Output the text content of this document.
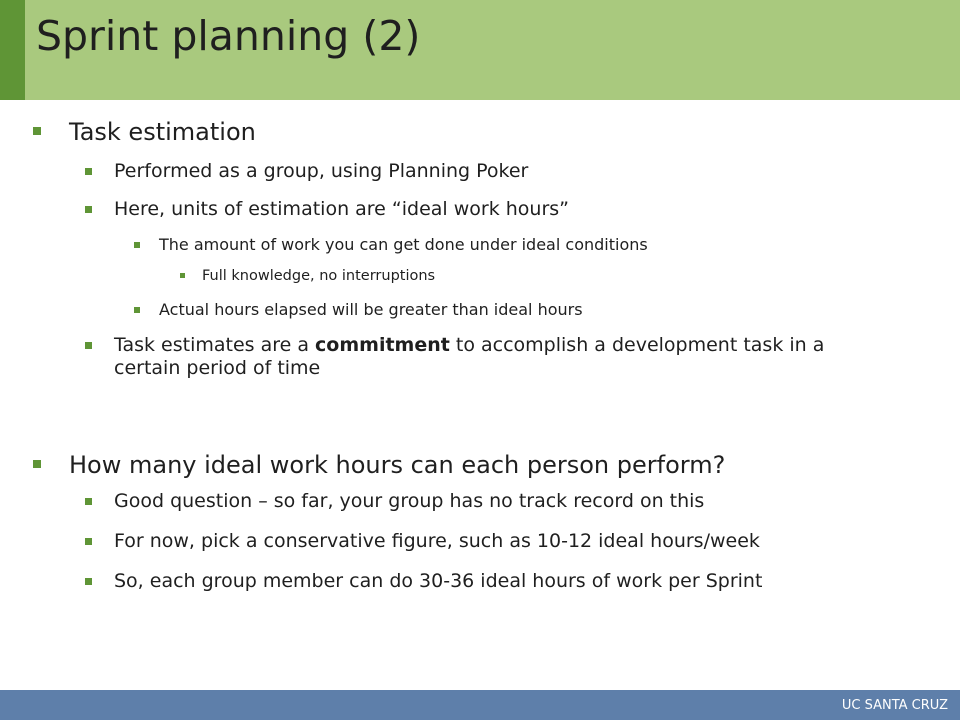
Sprint planning (2)
Task estimation
Performed as a group, using Planning Poker
Here, units of estimation are “ideal work hours”
The amount of work you can get done under ideal conditions
Full knowledge, no interruptions
Actual hours elapsed will be greater than ideal hours
Task estimates are a commitment to accomplish a development task in a certain period of time
How many ideal work hours can each person perform?
Good question – so far, your group has no track record on this
For now, pick a conservative figure, such as 10-12 ideal hours/week
So, each group member can do 30-36 ideal hours of work per Sprint
UC SANTA CRUZ
